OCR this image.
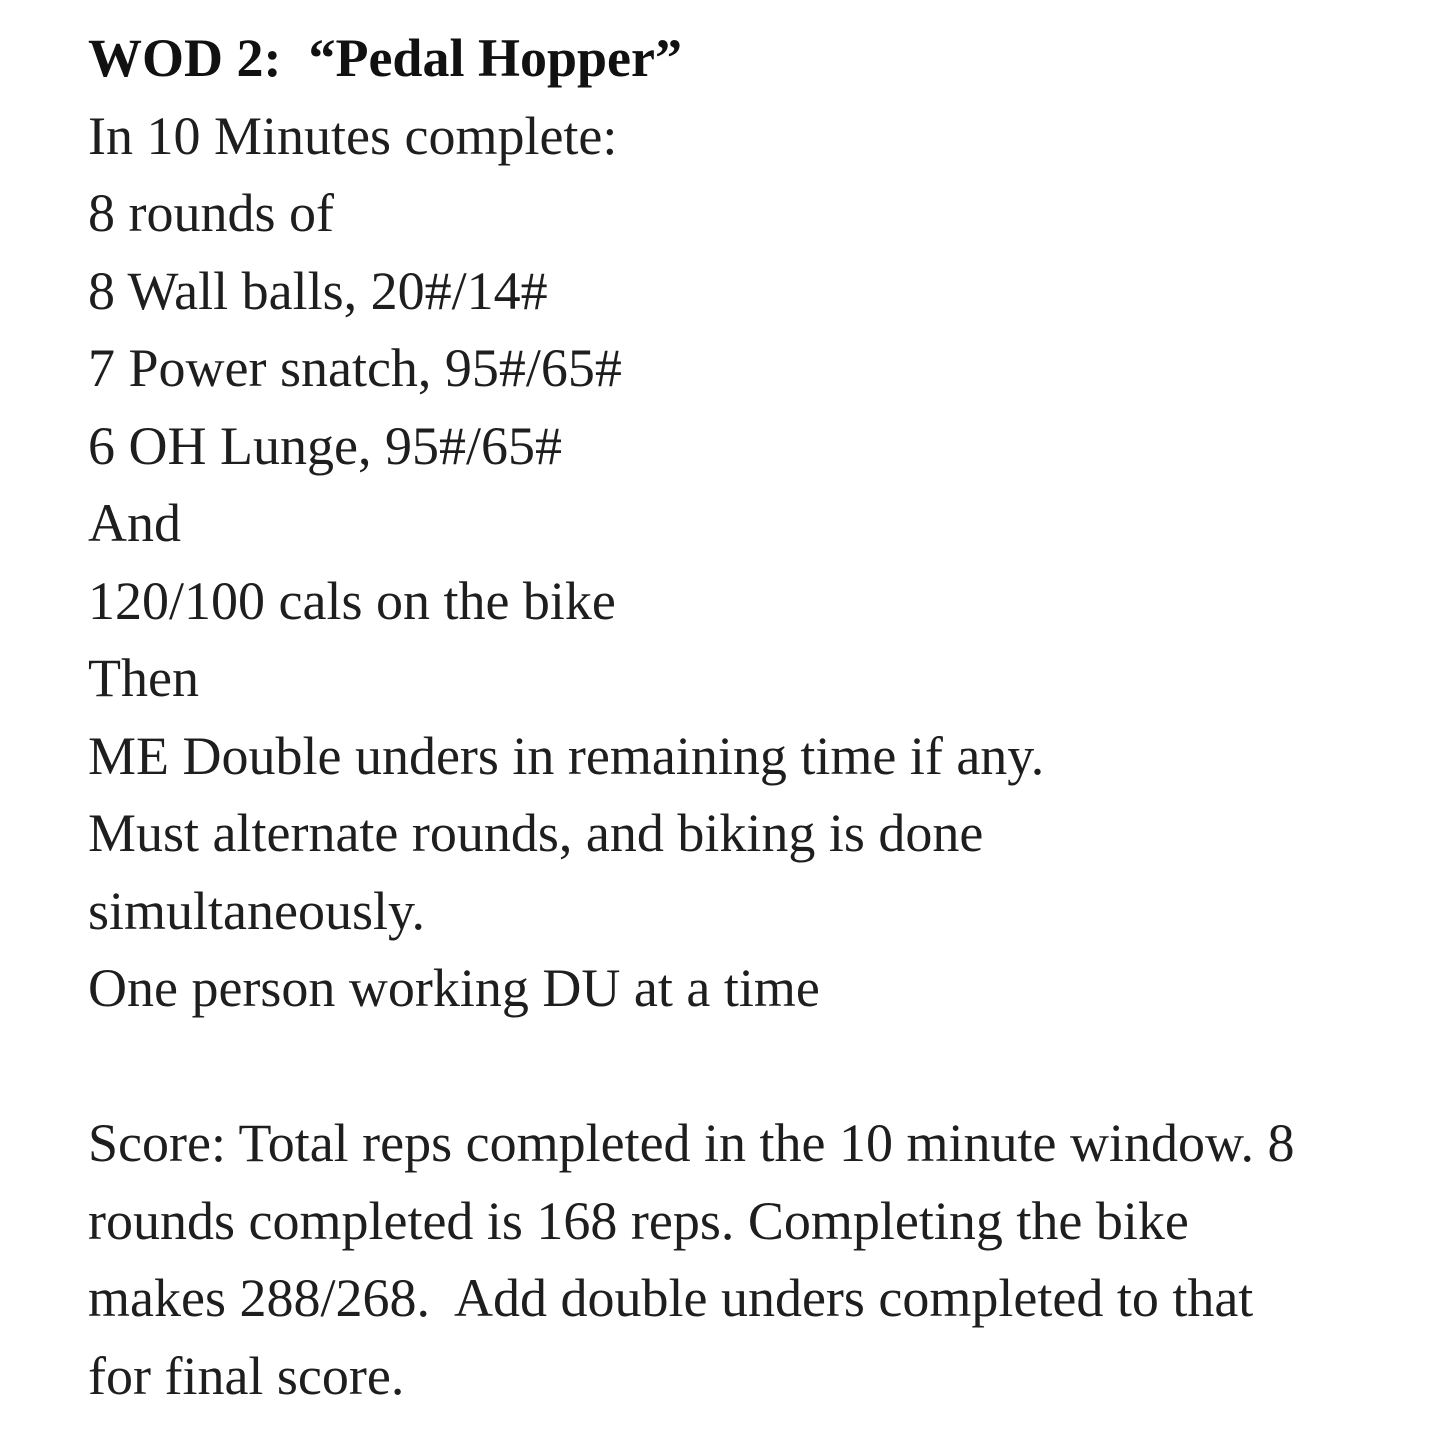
WOD 2:  “Pedal Hopper”
In 10 Minutes complete:
8 rounds of
8 Wall balls, 20#/14#
7 Power snatch, 95#/65#
6 OH Lunge, 95#/65#
And
120/100 cals on the bike
Then
ME Double unders in remaining time if any.
Must alternate rounds, and biking is done
simultaneously.
One person working DU at a time
Score: Total reps completed in the 10 minute window. 8
rounds completed is 168 reps. Completing the bike
makes 288/268.  Add double unders completed to that
for final score.
